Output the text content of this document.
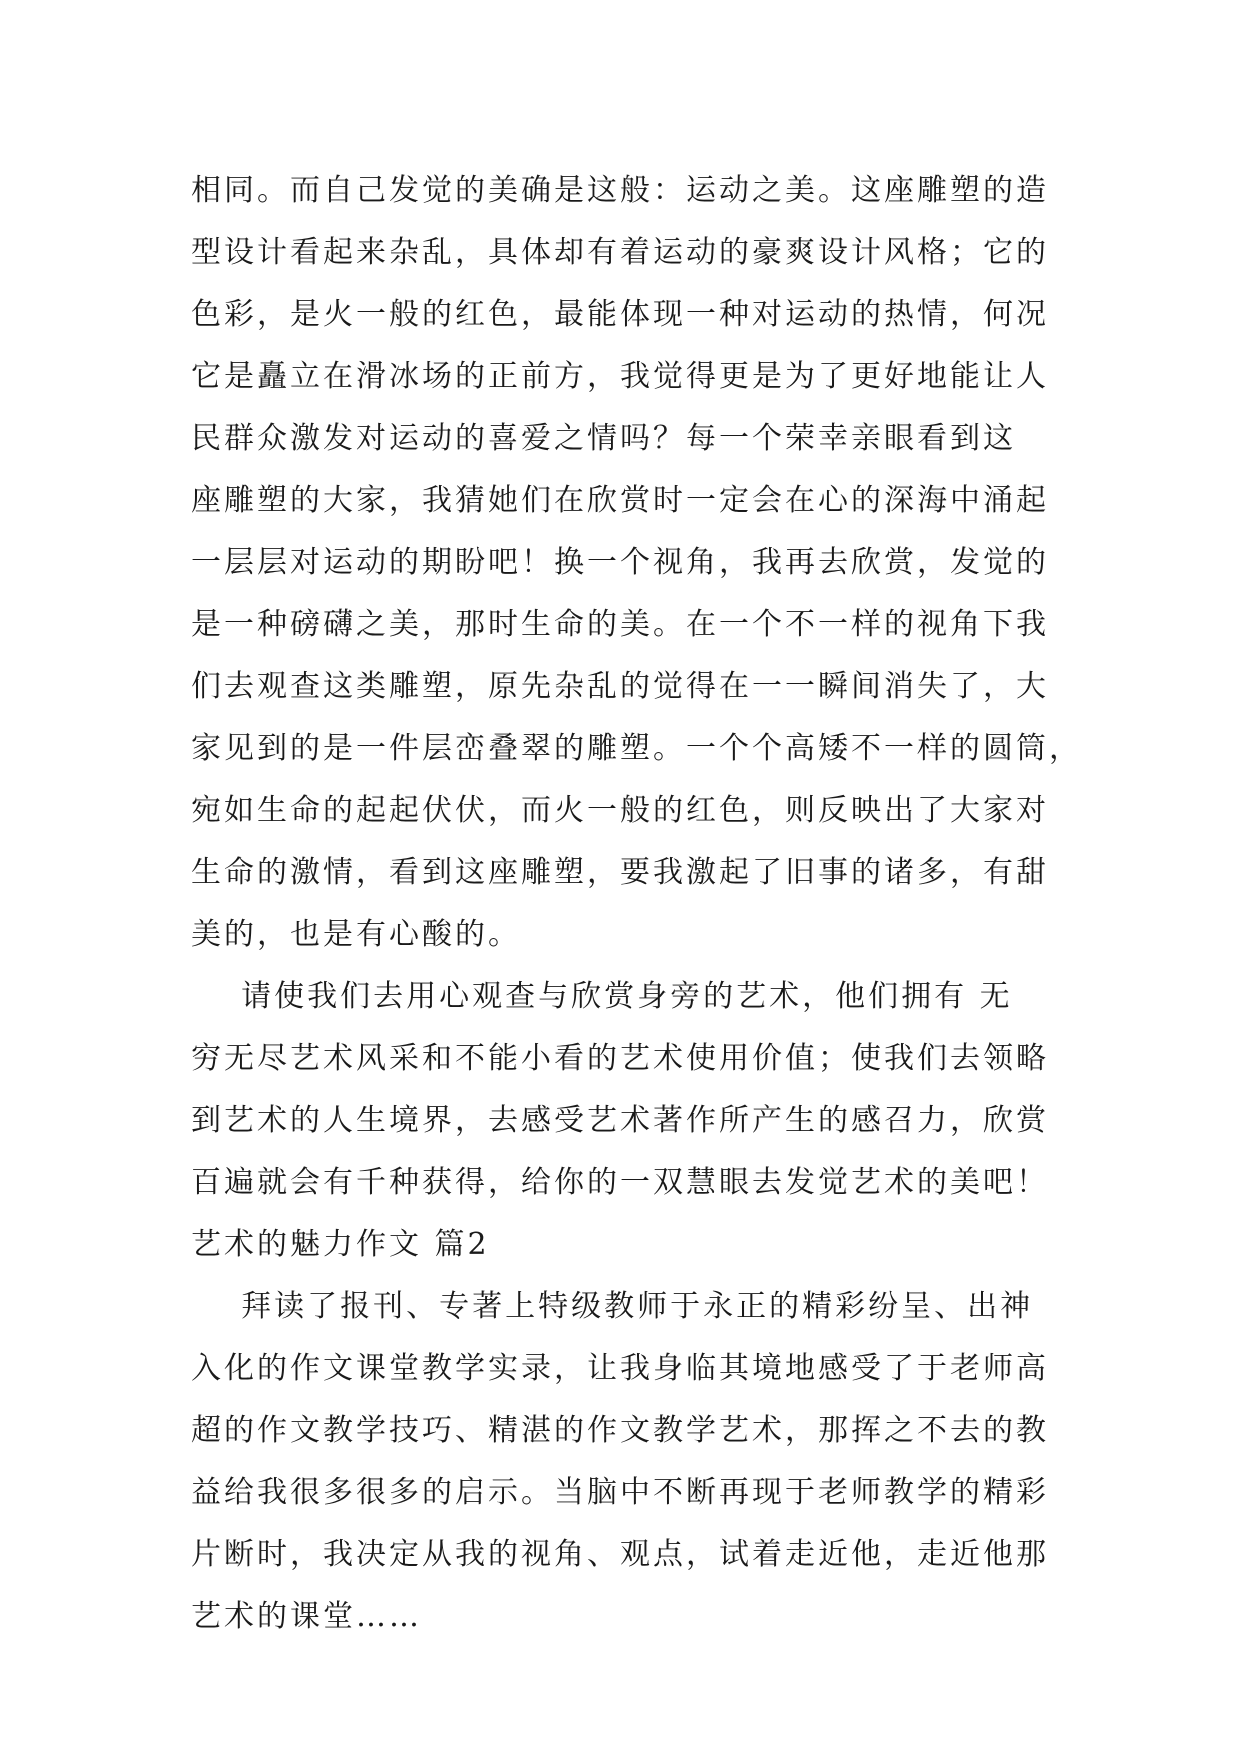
相同。而自己发觉的美确是这般：运动之美。这座雕塑的造
型设计看起来杂乱，具体却有着运动的豪爽设计风格；它的
色彩，是火一般的红色，最能体现一种对运动的热情，何况
它是矗立在滑冰场的正前方，我觉得更是为了更好地能让人
民群众激发对运动的喜爱之情吗？每一个荣幸亲眼看到这
座雕塑的大家，我猜她们在欣赏时一定会在心的深海中涌起
一层层对运动的期盼吧！换一个视角，我再去欣赏，发觉的
是一种磅礴之美，那时生命的美。在一个不一样的视角下我
们去观查这类雕塑，原先杂乱的觉得在一一瞬间消失了，大
家见到的是一件层峦叠翠的雕塑。一个个高矮不一样的圆筒，
宛如生命的起起伏伏，而火一般的红色，则反映出了大家对
生命的激情，看到这座雕塑，要我激起了旧事的诸多，有甜
美的，也是有心酸的。
请使我们去用心观查与欣赏身旁的艺术，他们拥有 无
穷无尽艺术风采和不能小看的艺术使用价值；使我们去领略
到艺术的人生境界，去感受艺术著作所产生的感召力，欣赏
百遍就会有千种获得，给你的一双慧眼去发觉艺术的美吧！
艺术的魅力作文 篇2
拜读了报刊、专著上特级教师于永正的精彩纷呈、出神
入化的作文课堂教学实录，让我身临其境地感受了于老师高
超的作文教学技巧、精湛的作文教学艺术，那挥之不去的教
益给我很多很多的启示。当脑中不断再现于老师教学的精彩
片断时，我决定从我的视角、观点，试着走近他，走近他那
艺术的课堂……
